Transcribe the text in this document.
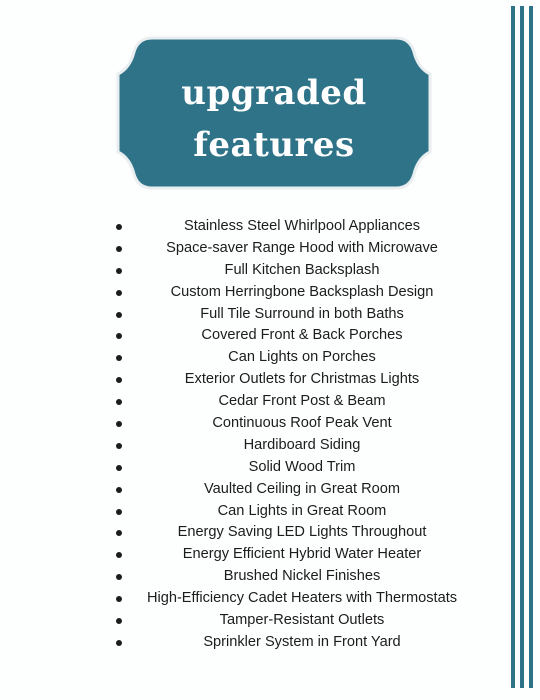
upgraded
features
Stainless Steel Whirlpool Appliances
Space-saver Range Hood with Microwave
Full Kitchen Backsplash
Custom Herringbone Backsplash Design
Full Tile Surround in both Baths
Covered Front & Back Porches
Can Lights on Porches
Exterior Outlets for Christmas Lights
Cedar Front Post & Beam
Continuous Roof Peak Vent
Hardiboard Siding
Solid Wood Trim
Vaulted Ceiling in Great Room
Can Lights in Great Room
Energy Saving LED Lights Throughout
Energy Efficient Hybrid Water Heater
Brushed Nickel Finishes
High-Efficiency Cadet Heaters with Thermostats
Tamper-Resistant Outlets
Sprinkler System in Front Yard
